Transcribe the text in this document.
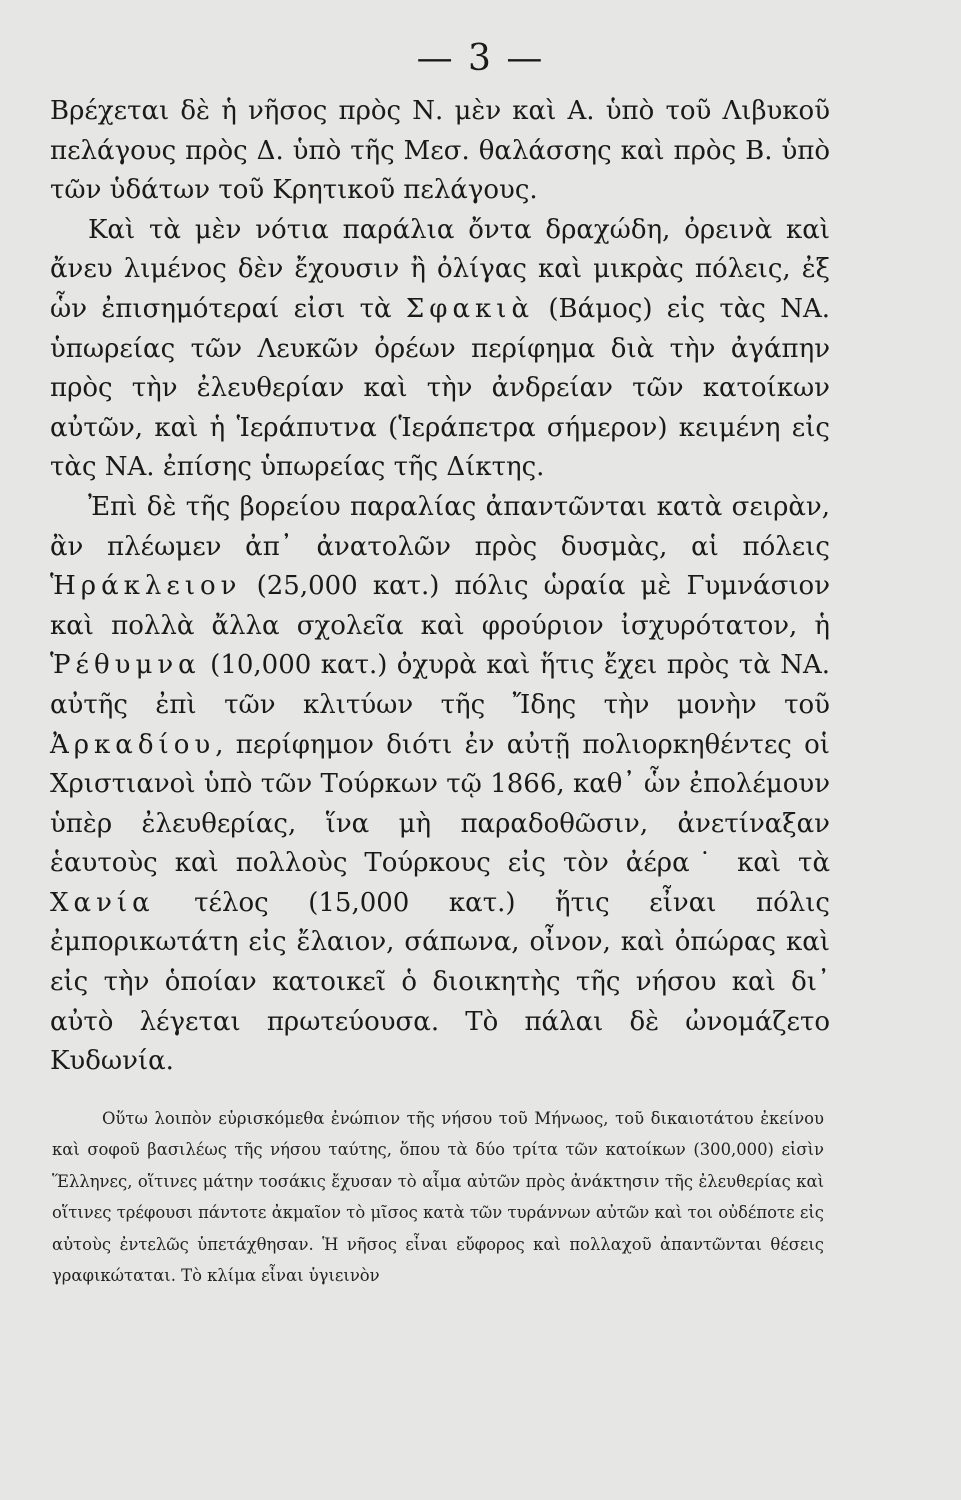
— 3 —

Βρέχεται δὲ ἡ νῆσος πρὸς Ν. μὲν καὶ Α. ὑπὸ τοῦ Λιβυκοῦ πελάγους πρὸς Δ. ὑπὸ τῆς Μεσ. θαλάσσης καὶ πρὸς Β. ὑπὸ τῶν ὑδάτων τοῦ Κρητικοῦ πελάγους.

Καὶ τὰ μὲν νότια παράλια ὄντα δραχώδη, ὀρεινὰ καὶ ἄνευ λιμένος δὲν ἔχουσιν ἢ ὀλίγας καὶ μικρὰς πόλεις, ἐξ ὧν ἐπισημότεραί εἰσι τὰ Σφακιὰ (Βάμος) εἰς τὰς ΝΑ. ὑπωρείας τῶν Λευκῶν ὀρέων περίφημα διὰ τὴν ἀγάπην πρὸς τὴν ἐλευθερίαν καὶ τὴν ἀνδρείαν τῶν κατοίκων αὐτῶν, καὶ ἡ Ἱεράπυτνα (Ἱεράπετρα σήμερον) κειμένη εἰς τὰς ΝΑ. ἐπίσης ὑπωρείας τῆς Δίκτης.

Ἐπὶ δὲ τῆς βορείου παραλίας ἀπαντῶνται κατὰ σειρὰν, ἂν πλέωμεν ἀπ᾽ ἀνατολῶν πρὸς δυσμὰς, αἱ πόλεις Ἡράκλειον (25,000 κατ.) πόλις ὡραία μὲ Γυμνάσιον καὶ πολλὰ ἄλλα σχολεῖα καὶ φρούριον ἰσχυρότατον, ἡ Ῥέθυμνα (10,000 κατ.) ὀχυρὰ καὶ ἥτις ἔχει πρὸς τὰ ΝΑ. αὐτῆς ἐπὶ τῶν κλιτύων τῆς Ἴδης τὴν μονὴν τοῦ Ἀρκαδίου, περίφημον διότι ἐν αὐτῇ πολιορκηθέντες οἱ Χριστιανοὶ ὑπὸ τῶν Τούρκων τῷ 1866, καθ᾽ ὧν ἐπολέμουν ὑπὲρ ἐλευθερίας, ἵνα μὴ παραδοθῶσιν, ἀνετίναξαν ἑαυτοὺς καὶ πολλοὺς Τούρκους εἰς τὸν ἀέρα˙ καὶ τὰ Χανία τέλος (15,000 κατ.) ἥτις εἶναι πόλις ἐμπορικωτάτη εἰς ἔλαιον, σάπωνα, οἶνον, καὶ ὀπώρας καὶ εἰς τὴν ὁποίαν κατοικεῖ ὁ διοικητὴς τῆς νήσου καὶ δι᾽ αὐτὸ λέγεται πρωτεύουσα. Τὸ πάλαι δὲ ὠνομάζετο Κυδωνία.

Οὕτω λοιπὸν εὑρισκόμεθα ἐνώπιον τῆς νήσου τοῦ Μήνωος, τοῦ δικαιοτάτου ἐκείνου καὶ σοφοῦ βασιλέως τῆς νήσου ταύτης, ὅπου τὰ δύο τρίτα τῶν κατοίκων (300,000) εἰσὶν Ἕλληνες, οἵτινες μάτην τοσάκις ἔχυσαν τὸ αἷμα αὐτῶν πρὸς ἀνάκτησιν τῆς ἐλευθερίας καὶ οἵτινες τρέφουσι πάντοτε ἀκμαῖον τὸ μῖσος κατὰ τῶν τυράννων αὐτῶν καὶ τοι οὐδέποτε εἰς αὐτοὺς ἐντελῶς ὑπετάχθησαν. Ἡ νῆσος εἶναι εὔφορος καὶ πολλαχοῦ ἀπαντῶνται θέσεις γραφικώταται. Τὸ κλίμα εἶναι ὑγιεινὸν
